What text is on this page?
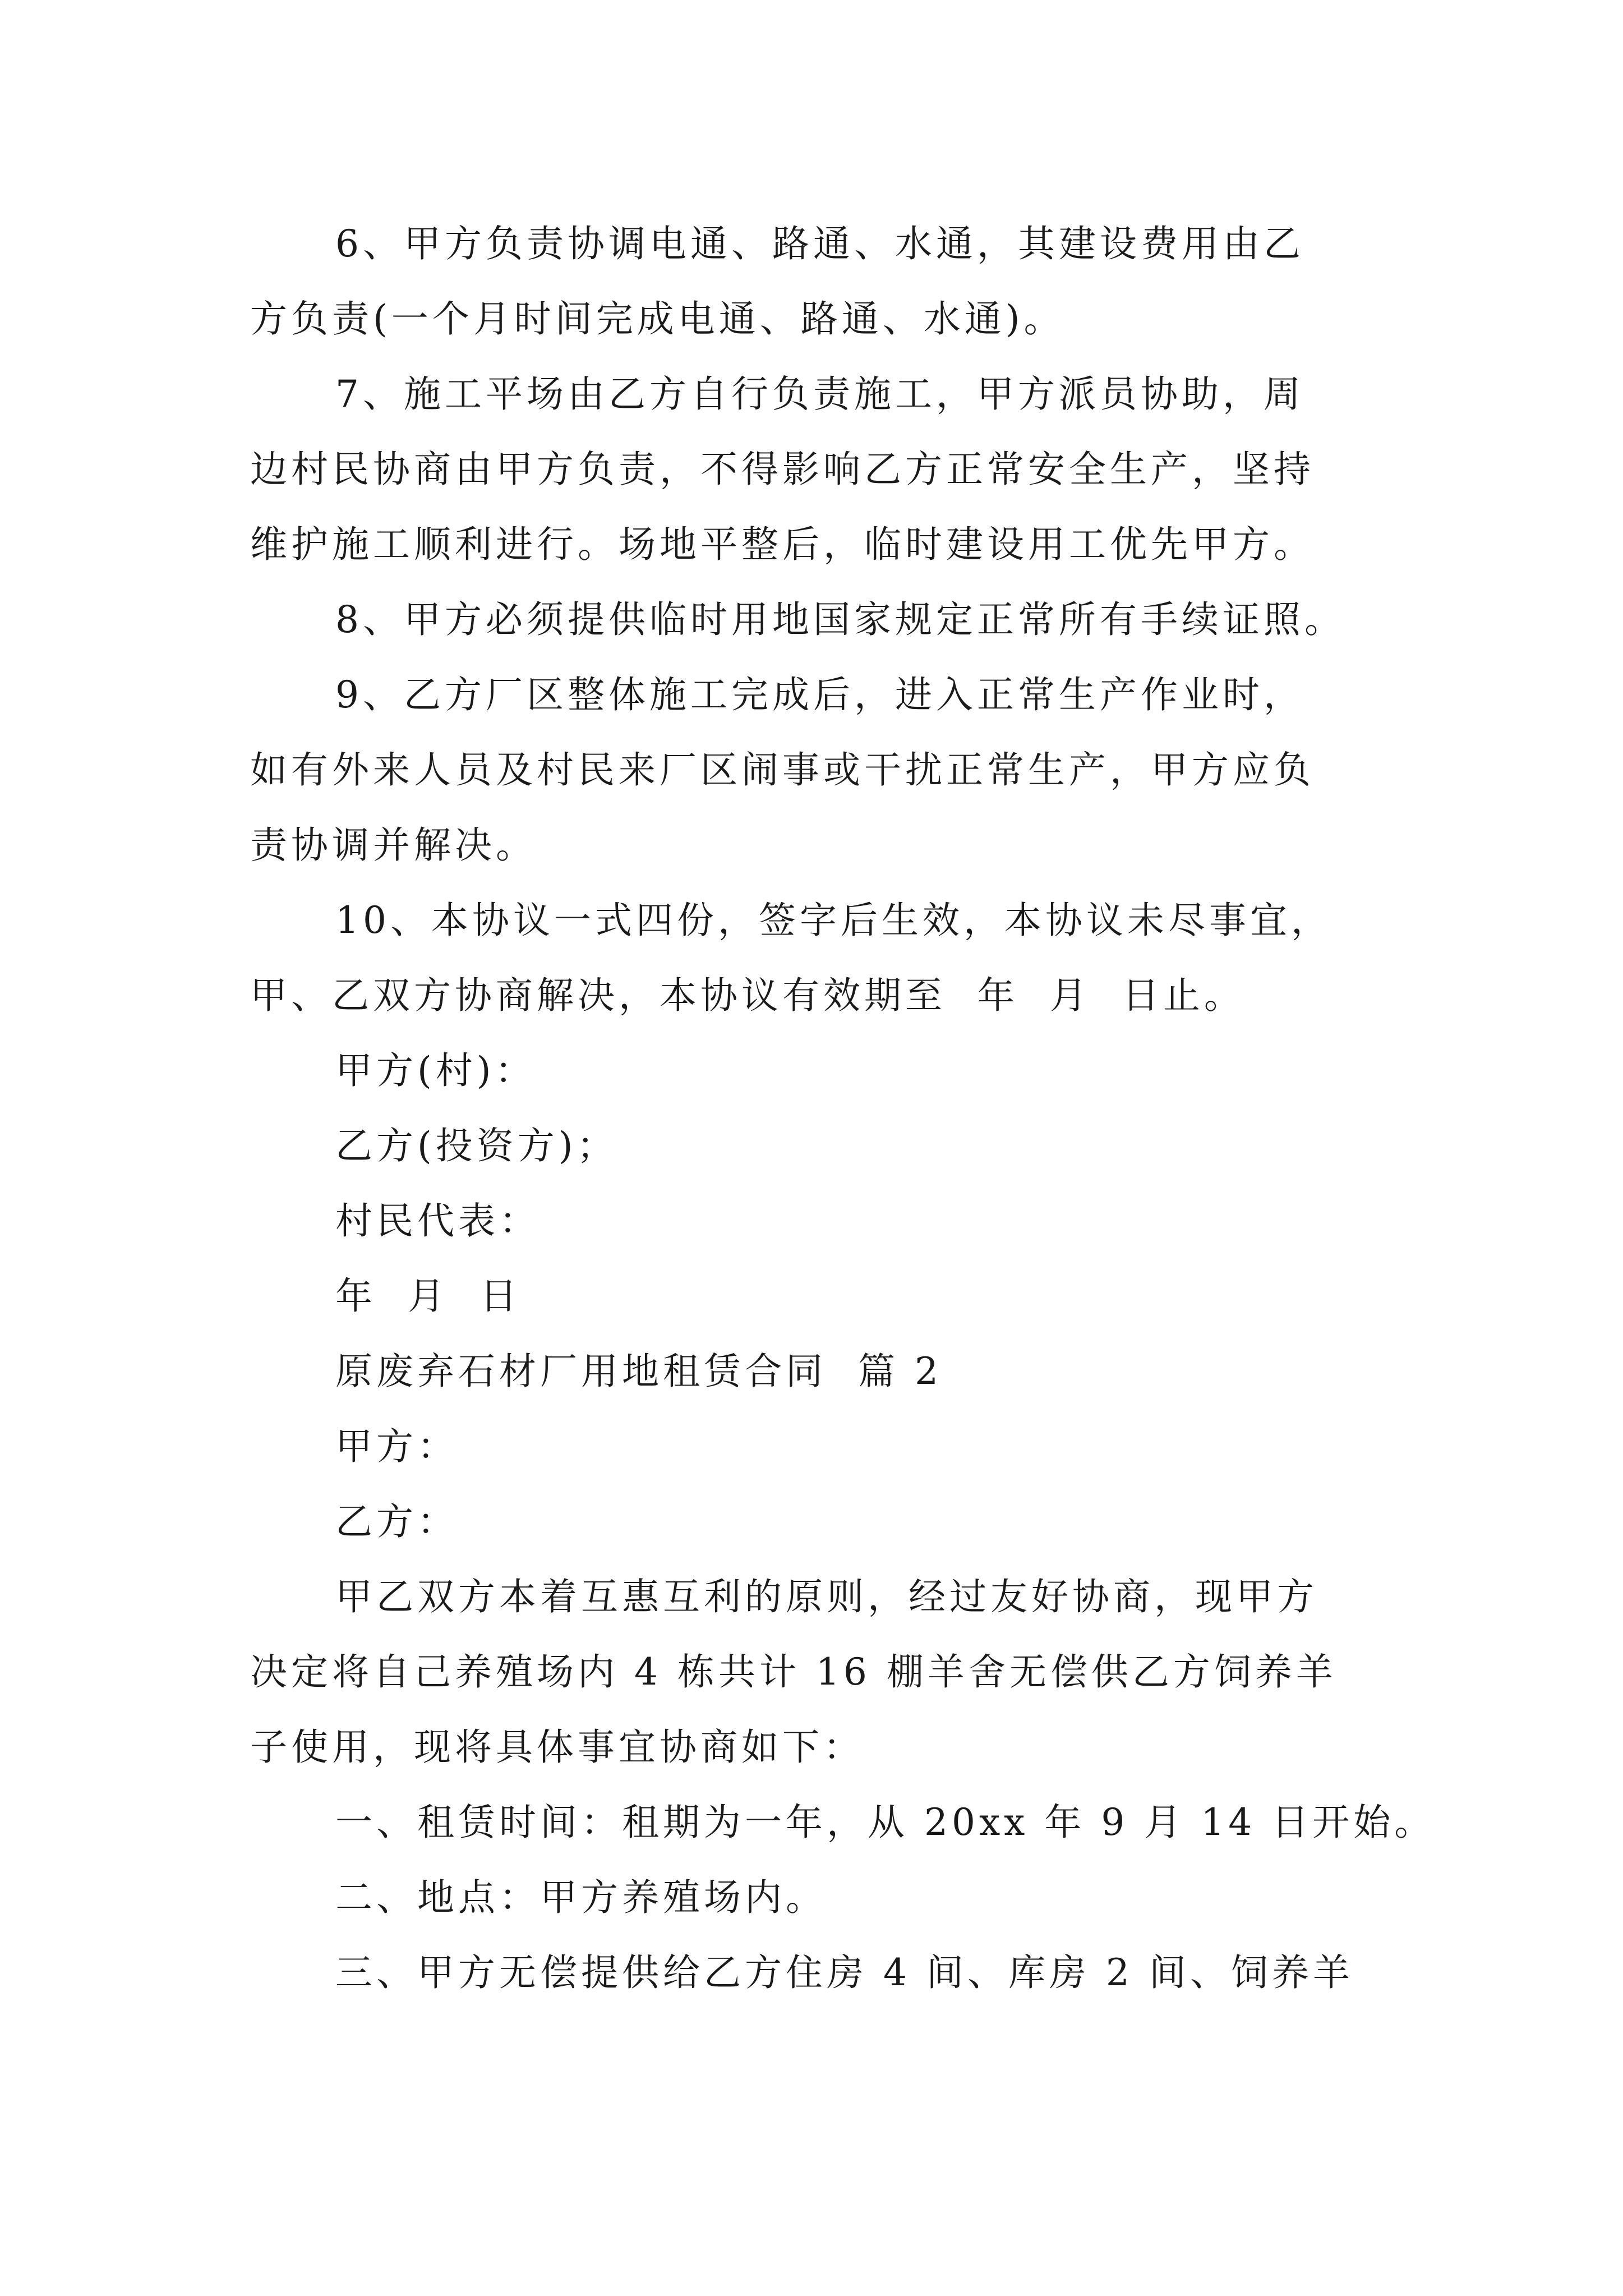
6、甲方负责协调电通、路通、水通，其建设费用由乙
方负责(一个月时间完成电通、路通、水通)。
7、施工平场由乙方自行负责施工，甲方派员协助，周
边村民协商由甲方负责，不得影响乙方正常安全生产，坚持
维护施工顺利进行。场地平整后，临时建设用工优先甲方。
8、甲方必须提供临时用地国家规定正常所有手续证照。
9、乙方厂区整体施工完成后，进入正常生产作业时，
如有外来人员及村民来厂区闹事或干扰正常生产，甲方应负
责协调并解决。
10、本协议一式四份，签字后生效，本协议未尽事宜，
甲、乙双方协商解决，本协议有效期至  年  月  日止。
甲方(村)：
乙方(投资方)；
村民代表：
年  月  日
原废弃石材厂用地租赁合同  篇 2
甲方：
乙方：
甲乙双方本着互惠互利的原则，经过友好协商，现甲方
决定将自己养殖场内 4 栋共计 16 棚羊舍无偿供乙方饲养羊
子使用，现将具体事宜协商如下：
一、租赁时间：租期为一年，从 20xx 年 9 月 14 日开始。
二、地点：甲方养殖场内。
三、甲方无偿提供给乙方住房 4 间、库房 2 间、饲养羊
